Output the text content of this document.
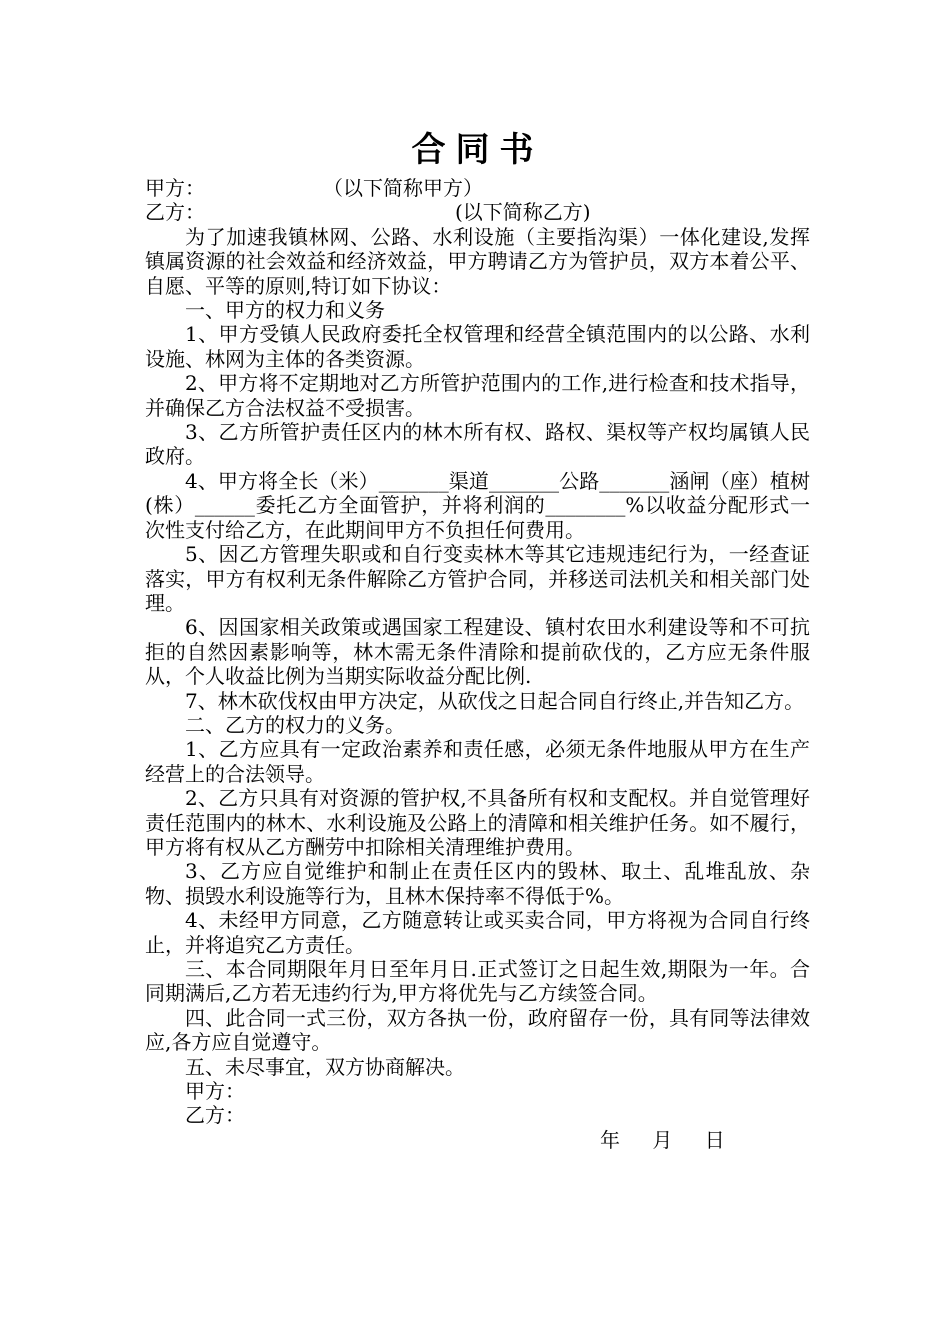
合同书

甲方：	（以下简称甲方）

乙方：	(以下简称乙方)

为了加速我镇林网、公路、水利设施（主要指沟渠）一体化建设,发挥镇属资源的社会效益和经济效益，甲方聘请乙方为管护员，双方本着公平、自愿、平等的原则,特订如下协议：

一、甲方的权力和义务

1、甲方受镇人民政府委托全权管理和经营全镇范围内的以公路、水利设施、林网为主体的各类资源。

2、甲方将不定期地对乙方所管护范围内的工作,进行检查和技术指导，并确保乙方合法权益不受损害。

3、乙方所管护责任区内的林木所有权、路权、渠权等产权均属镇人民政府。

4、甲方将全长（米）_______渠道_______公路_______涵闸（座）植树(株）______委托乙方全面管护，并将利润的________%以收益分配形式一次性支付给乙方，在此期间甲方不负担任何费用。

5、因乙方管理失职或和自行变卖林木等其它违规违纪行为，一经查证落实，甲方有权利无条件解除乙方管护合同，并移送司法机关和相关部门处理。

6、因国家相关政策或遇国家工程建设、镇村农田水利建设等和不可抗拒的自然因素影响等，林木需无条件清除和提前砍伐的，乙方应无条件服从，个人收益比例为当期实际收益分配比例.

7、林木砍伐权由甲方决定，从砍伐之日起合同自行终止,并告知乙方。

二、乙方的权力的义务。

1、乙方应具有一定政治素养和责任感，必须无条件地服从甲方在生产经营上的合法领导。

2、乙方只具有对资源的管护权,不具备所有权和支配权。并自觉管理好责任范围内的林木、水利设施及公路上的清障和相关维护任务。如不履行，甲方将有权从乙方酬劳中扣除相关清理维护费用。

3、乙方应自觉维护和制止在责任区内的毁林、取土、乱堆乱放、杂物、损毁水利设施等行为，且林木保持率不得低于%。

4、未经甲方同意，乙方随意转让或买卖合同，甲方将视为合同自行终止，并将追究乙方责任。

三、本合同期限年月日至年月日.正式签订之日起生效,期限为一年。合同期满后,乙方若无违约行为,甲方将优先与乙方续签合同。

四、此合同一式三份，双方各执一份，政府留存一份，具有同等法律效应,各方应自觉遵守。

五、未尽事宜，双方协商解决。

甲方：

乙方：

年 月 日
